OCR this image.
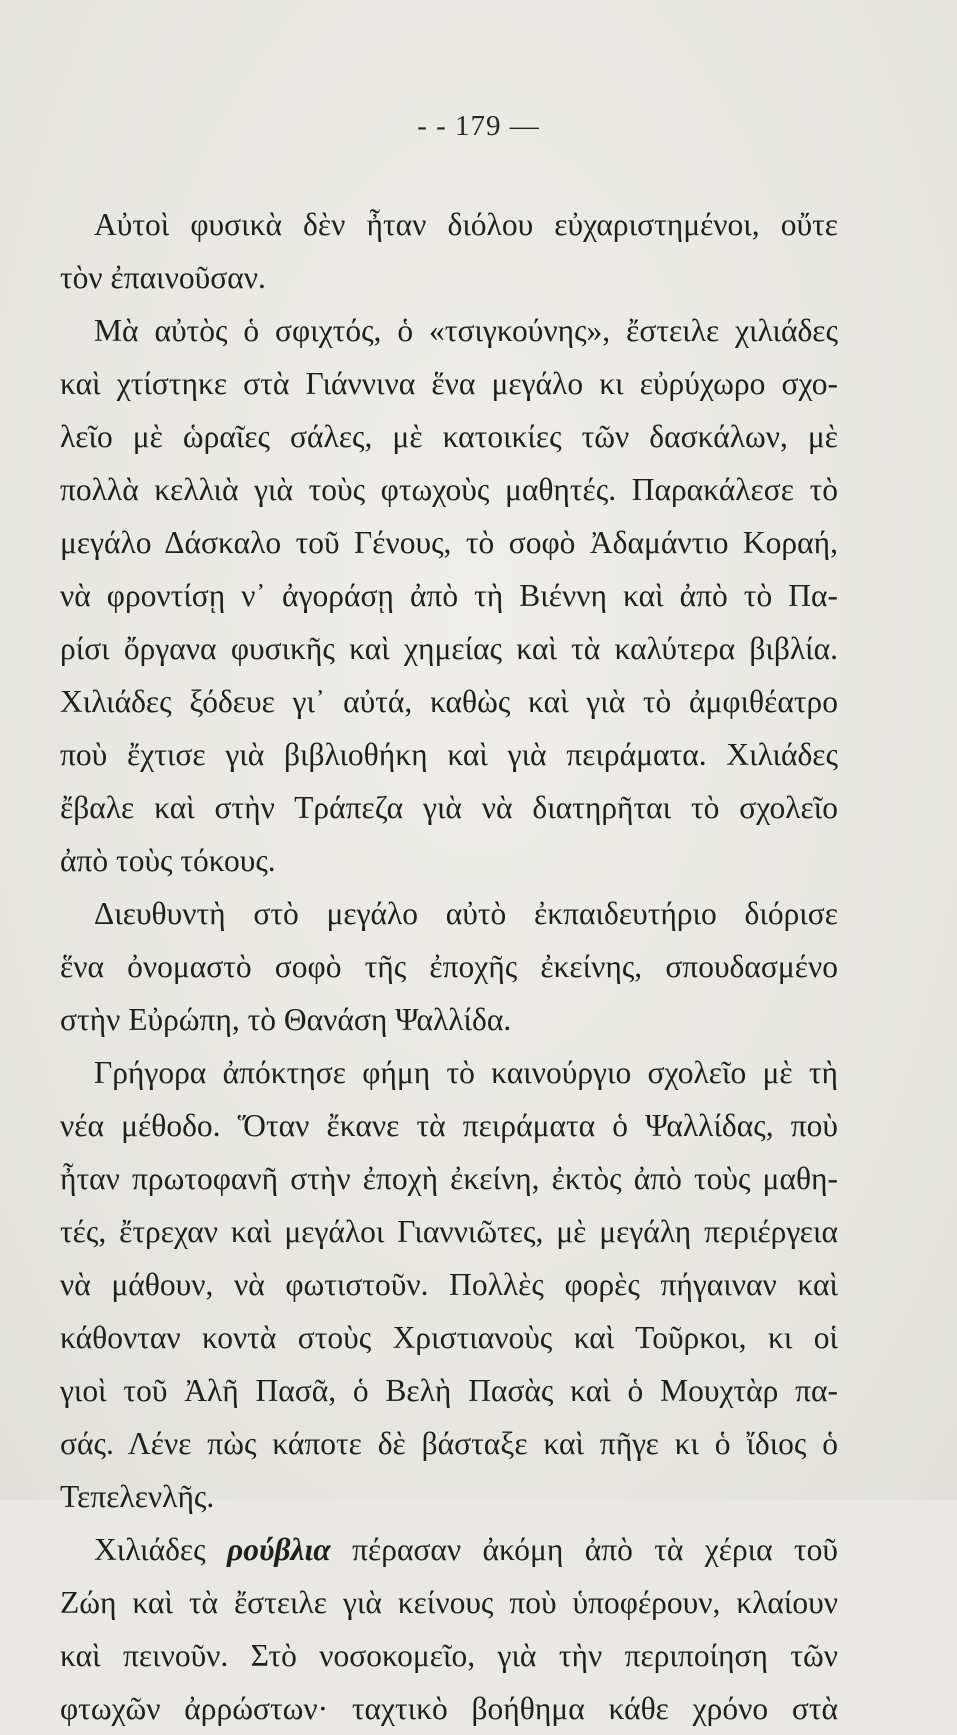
- - 179 —
Αὐτοὶ φυσικὰ δὲν ἦταν διόλου εὐχαριστημένοι, οὔτε
τὸν ἐπαινοῦσαν.
Μὰ αὐτὸς ὁ σφιχτός, ὁ «τσιγκούνης», ἔστειλε χιλιάδες
καὶ χτίστηκε στὰ Γιάννινα ἕνα μεγάλο κι εὐρύχωρο σχο-
λεῖο μὲ ὡραῖες σάλες, μὲ κατοικίες τῶν δασκάλων, μὲ
πολλὰ κελλιὰ γιὰ τοὺς φτωχοὺς μαθητές. Παρακάλεσε τὸ
μεγάλο Δάσκαλο τοῦ Γένους, τὸ σοφὸ Ἀδαμάντιο Κοραή,
νὰ φροντίσῃ ν᾽ ἀγοράσῃ ἀπὸ τὴ Βιέννη καὶ ἀπὸ τὸ Πα-
ρίσι ὄργανα φυσικῆς καὶ χημείας καὶ τὰ καλύτερα βιβλία.
Χιλιάδες ξόδευε γι᾽ αὐτά, καθὼς καὶ γιὰ τὸ ἀμφιθέατρο
ποὺ ἔχτισε γιὰ βιβλιοθήκη καὶ γιὰ πειράματα. Χιλιάδες
ἔβαλε καὶ στὴν Τράπεζα γιὰ νὰ διατηρῆται τὸ σχολεῖο
ἀπὸ τοὺς τόκους.
Διευθυντὴ στὸ μεγάλο αὐτὸ ἐκπαιδευτήριο διόρισε
ἕνα ὀνομαστὸ σοφὸ τῆς ἐποχῆς ἐκείνης, σπουδασμένο
στὴν Εὐρώπη, τὸ Θανάση Ψαλλίδα.
Γρήγορα ἀπόκτησε φήμη τὸ καινούργιο σχολεῖο μὲ τὴ
νέα μέθοδο. Ὅταν ἔκανε τὰ πειράματα ὁ Ψαλλίδας, ποὺ
ἦταν πρωτοφανῆ στὴν ἐποχὴ ἐκείνη, ἐκτὸς ἀπὸ τοὺς μαθη-
τές, ἔτρεχαν καὶ μεγάλοι Γιαννιῶτες, μὲ μεγάλη περιέργεια
νὰ μάθουν, νὰ φωτιστοῦν. Πολλὲς φορὲς πήγαιναν καὶ
κάθονταν κοντὰ στοὺς Χριστιανοὺς καὶ Τοῦρκοι, κι οἱ
γιοὶ τοῦ Ἀλῆ Πασᾶ, ὁ Βελὴ Πασὰς καὶ ὁ Μουχτὰρ πα-
σάς. Λένε πὼς κάποτε δὲ βάσταξε καὶ πῆγε κι ὁ ἴδιος ὁ
Τεπελενλῆς.
Χιλιάδες ρούβλια πέρασαν ἀκόμη ἀπὸ τὰ χέρια τοῦ
Ζώη καὶ τὰ ἔστειλε γιὰ κείνους ποὺ ὑποφέρουν, κλαίουν
καὶ πεινοῦν. Στὸ νοσοκομεῖο, γιὰ τὴν περιποίηση τῶν
φτωχῶν ἀρρώστων· ταχτικὸ βοήθημα κάθε χρόνο στὰ
